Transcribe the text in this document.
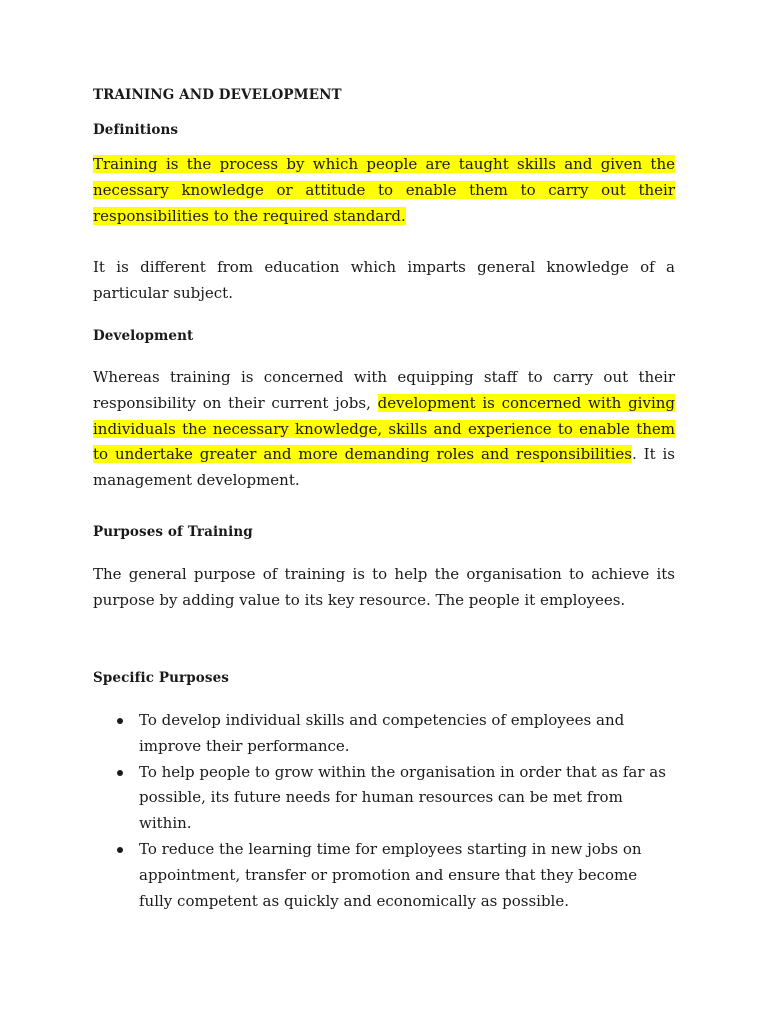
TRAINING AND DEVELOPMENT
Definitions
Training is the process by which people are taught skills and given the necessary knowledge or attitude to enable them to carry out their responsibilities to the required standard.
It is different from education which imparts general knowledge of a particular subject.
Development
Whereas training is concerned with equipping staff to carry out their responsibility on their current jobs, development is concerned with giving individuals the necessary knowledge, skills and experience to enable them to undertake greater and more demanding roles and responsibilities. It is management development.
Purposes of Training
The general purpose of training is to help the organisation to achieve its purpose by adding value to its key resource. The people it employees.
Specific Purposes
To develop individual skills and competencies of employees and improve their performance.
To help people to grow within the organisation in order that as far as possible, its future needs for human resources can be met from within.
To reduce the learning time for employees starting in new jobs on appointment, transfer or promotion and ensure that they become fully competent as quickly and economically as possible.
